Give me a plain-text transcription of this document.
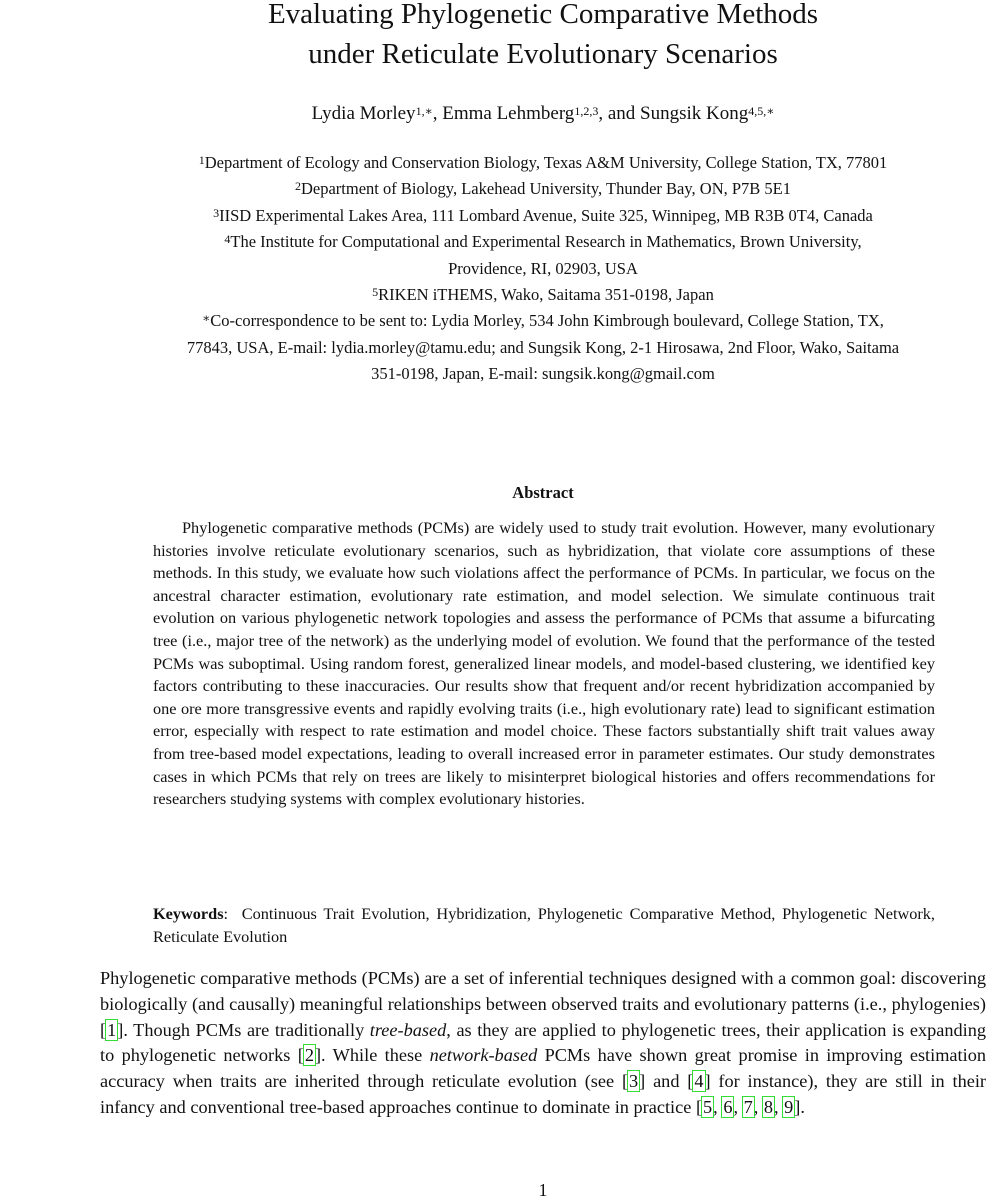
Evaluating Phylogenetic Comparative Methods
under Reticulate Evolutionary Scenarios
Lydia Morley$^{1,∗}$, Emma Lehmberg$^{1,2,3}$, and Sungsik Kong$^{4,5,∗}$
$^1$Department of Ecology and Conservation Biology, Texas A&M University, College Station, TX, 77801
$^2$Department of Biology, Lakehead University, Thunder Bay, ON, P7B 5E1
$^3$IISD Experimental Lakes Area, 111 Lombard Avenue, Suite 325, Winnipeg, MB R3B 0T4, Canada
$^4$The Institute for Computational and Experimental Research in Mathematics, Brown University,
Providence, RI, 02903, USA
$^5$RIKEN iTHEMS, Wako, Saitama 351-0198, Japan
∗Co-correspondence to be sent to: Lydia Morley, 534 John Kimbrough boulevard, College Station, TX,
77843, USA, E-mail: lydia.morley@tamu.edu; and Sungsik Kong, 2-1 Hirosawa, 2nd Floor, Wako, Saitama
351-0198, Japan, E-mail: sungsik.kong@gmail.com
Abstract

Phylogenetic comparative methods (PCMs) are widely used to study trait evolution. However, many evolutionary histories involve reticulate evolutionary scenarios, such as hybridization, that violate core assumptions of these methods. In this study, we evaluate how such violations affect the performance of PCMs. In particular, we focus on the ancestral character estimation, evolutionary rate estimation, and model selection. We simulate continuous trait evolution on various phylogenetic network topologies and assess the performance of PCMs that assume a bifurcating tree (i.e., major tree of the network) as the underlying model of evolution. We found that the performance of the tested PCMs was suboptimal. Using random forest, generalized linear models, and model-based clustering, we identified key factors contributing to these inaccuracies. Our results show that frequent and/or recent hybridization accompanied by one ore more transgressive events and rapidly evolving traits (i.e., high evolutionary rate) lead to significant estimation error, especially with respect to rate estimation and model choice. These factors substantially shift trait values away from tree-based model expectations, leading to overall increased error in parameter estimates. Our study demonstrates cases in which PCMs that rely on trees are likely to misinterpret biological histories and offers recommendations for researchers studying systems with complex evolutionary histories.

Keywords:  Continuous Trait Evolution, Hybridization, Phylogenetic Comparative Method, Phylogenetic Network, Reticulate Evolution

Phylogenetic comparative methods (PCMs) are a set of inferential techniques designed with a common goal: discovering biologically (and causally) meaningful relationships between observed traits and evolutionary patterns (i.e., phylogenies) [1]. Though PCMs are traditionally tree-based, as they are applied to phylogenetic trees, their application is expanding to phylogenetic networks [2]. While these network-based PCMs have shown great promise in improving estimation accuracy when traits are inherited through reticulate evolution (see [3] and [4] for instance), they are still in their infancy and conventional tree-based approaches continue to dominate in practice [5, 6, 7, 8, 9].

1
